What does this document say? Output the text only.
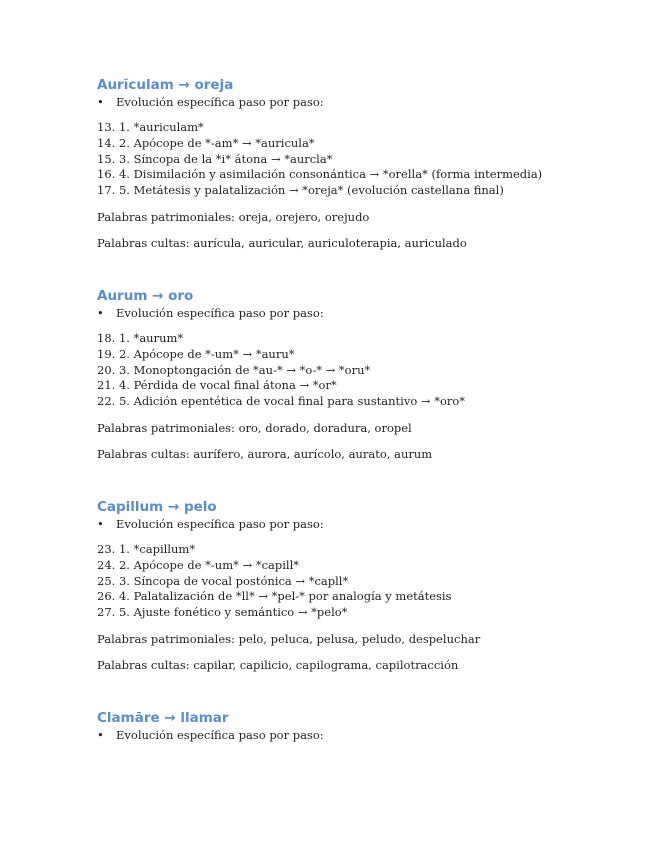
Aurĭculam → oreja
• Evolución específica paso por paso:
13. 1. *auriculam*
14. 2. Apócope de *-am* → *auricula*
15. 3. Síncopa de la *i* átona → *aurcla*
16. 4. Disimilación y asimilación consonántica → *orella* (forma intermedia)
17. 5. Metátesis y palatalización → *oreja* (evolución castellana final)
Palabras patrimoniales: oreja, orejero, orejudo
Palabras cultas: aurícula, auricular, auriculoterapia, auriculado
Aurum → oro
• Evolución específica paso por paso:
18. 1. *aurum*
19. 2. Apócope de *-um* → *auru*
20. 3. Monoptongación de *au-* → *o-* → *oru*
21. 4. Pérdida de vocal final átona → *or*
22. 5. Adición epentética de vocal final para sustantivo → *oro*
Palabras patrimoniales: oro, dorado, doradura, oropel
Palabras cultas: aurífero, aurora, aurícolo, aurato, aurum
Capillum → pelo
• Evolución específica paso por paso:
23. 1. *capillum*
24. 2. Apócope de *-um* → *capill*
25. 3. Síncopa de vocal postónica → *capll*
26. 4. Palatalización de *ll* → *pel-* por analogía y metátesis
27. 5. Ajuste fonético y semántico → *pelo*
Palabras patrimoniales: pelo, peluca, pelusa, peludo, despeluchar
Palabras cultas: capilar, capilicio, capilograma, capilotracción
Clamāre → llamar
• Evolución específica paso por paso:
